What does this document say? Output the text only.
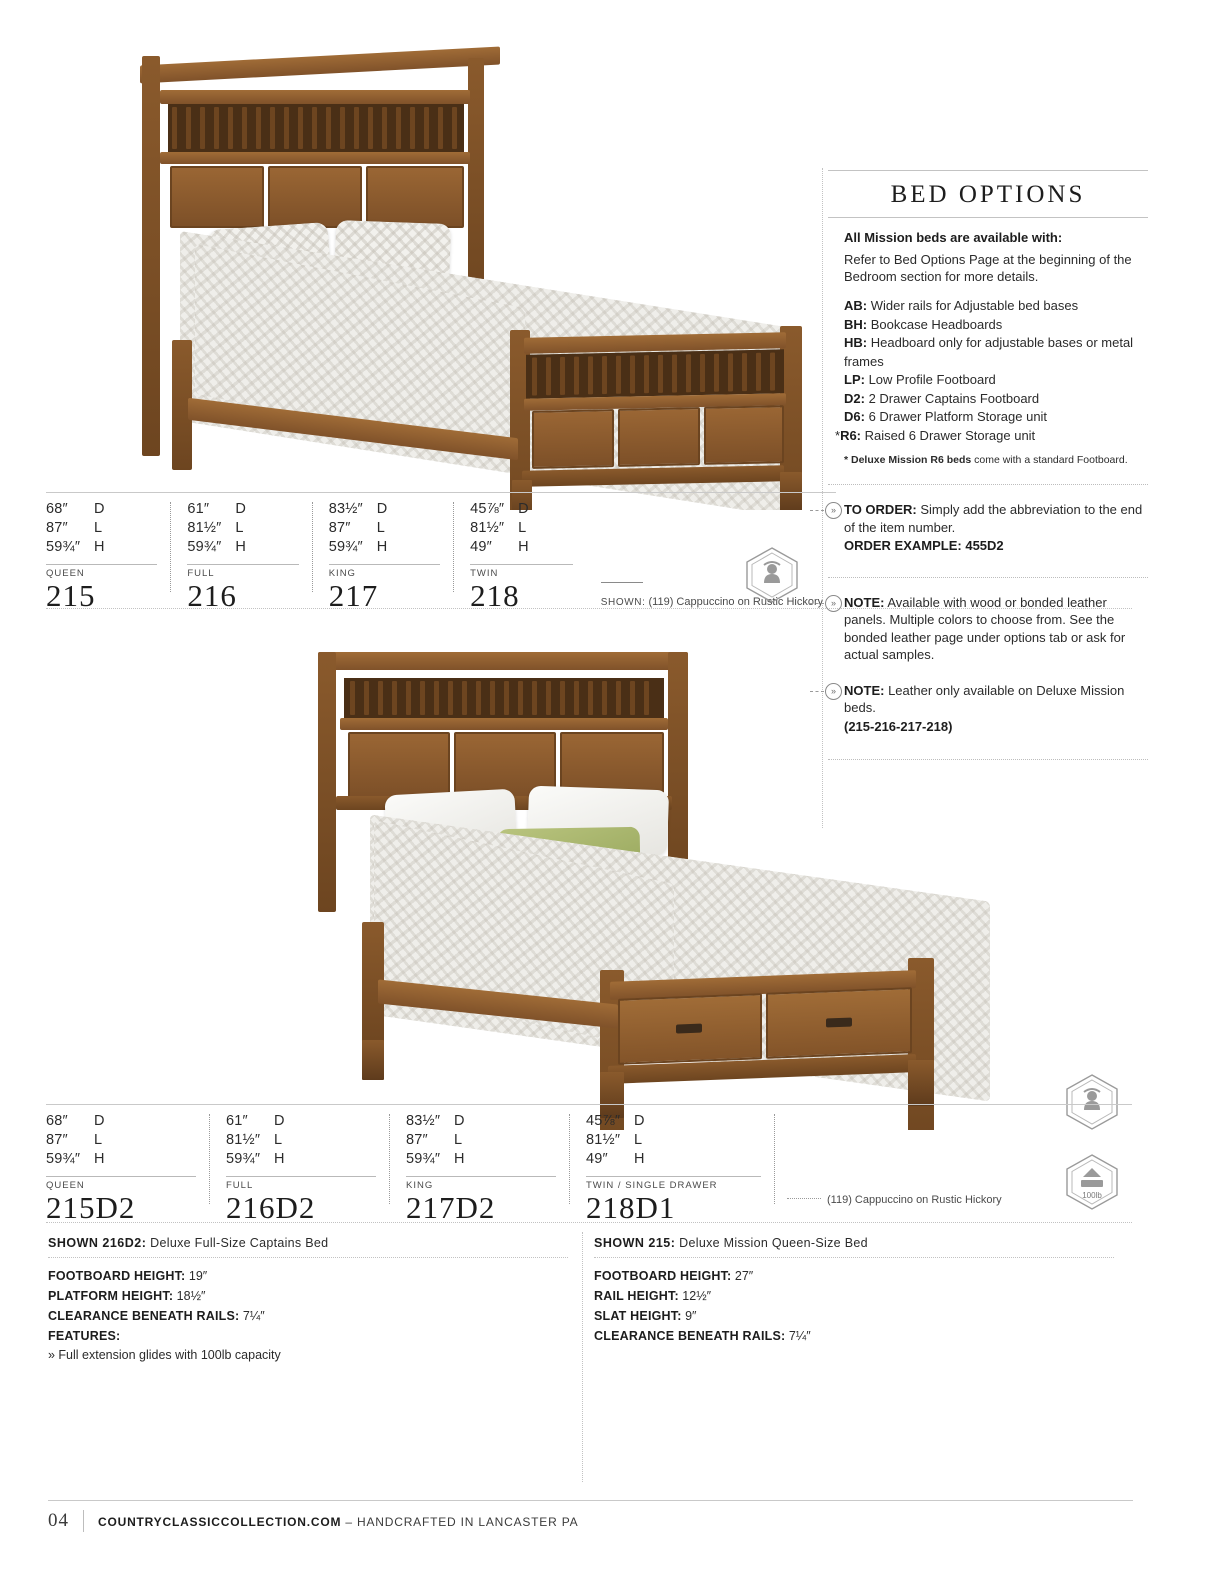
68″ D
87″ L
59¾″ H
QUEEN
215
61″ D
81½″ L
59¾″ H
FULL
216
83½″ D
87″ L
59¾″ H
KING
217
45⅞″ D
81½″ L
49″ H
TWIN
218	SHOWN: (119) Cappuccino on Rustic Hickory
BED OPTIONS
All Mission beds are available with:
Refer to Bed Options Page at the beginning of the Bedroom section for more details.
AB: Wider rails for Adjustable bed bases
BH: Bookcase Headboards
HB: Headboard only for adjustable bases or metal frames
LP: Low Profile Footboard
D2: 2 Drawer Captains Footboard
D6: 6 Drawer Platform Storage unit
*R6: Raised 6 Drawer Storage unit
* Deluxe Mission R6 beds come with a standard Footboard.
» TO ORDER: Simply add the abbreviation to the end of the item number.
ORDER EXAMPLE: 455D2
» NOTE: Available with wood or bonded leather panels. Multiple colors to choose from. See the bonded leather page under options tab or ask for actual samples.
» NOTE: Leather only available on Deluxe Mission beds.
(215-216-217-218)
100lb
68″ D
87″ L
59¾″ H
QUEEN
215D2
61″ D
81½″ L
59¾″ H
FULL
216D2
83½″ D
87″ L
59¾″ H
KING
217D2
45⅞″ D
81½″ L
49″ H
TWIN / SINGLE DRAWER
218D1	(119) Cappuccino on Rustic Hickory
SHOWN 216D2: Deluxe Full-Size Captains Bed
FOOTBOARD HEIGHT: 19″
PLATFORM HEIGHT: 18½″
CLEARANCE BENEATH RAILS: 7¼″
FEATURES:
» Full extension glides with 100lb capacity
SHOWN 215: Deluxe Mission Queen-Size Bed
FOOTBOARD HEIGHT: 27″
RAIL HEIGHT: 12½″
SLAT HEIGHT: 9″
CLEARANCE BENEATH RAILS: 7¼″
04	COUNTRYCLASSICCOLLECTION.COM – HANDCRAFTED IN LANCASTER PA
